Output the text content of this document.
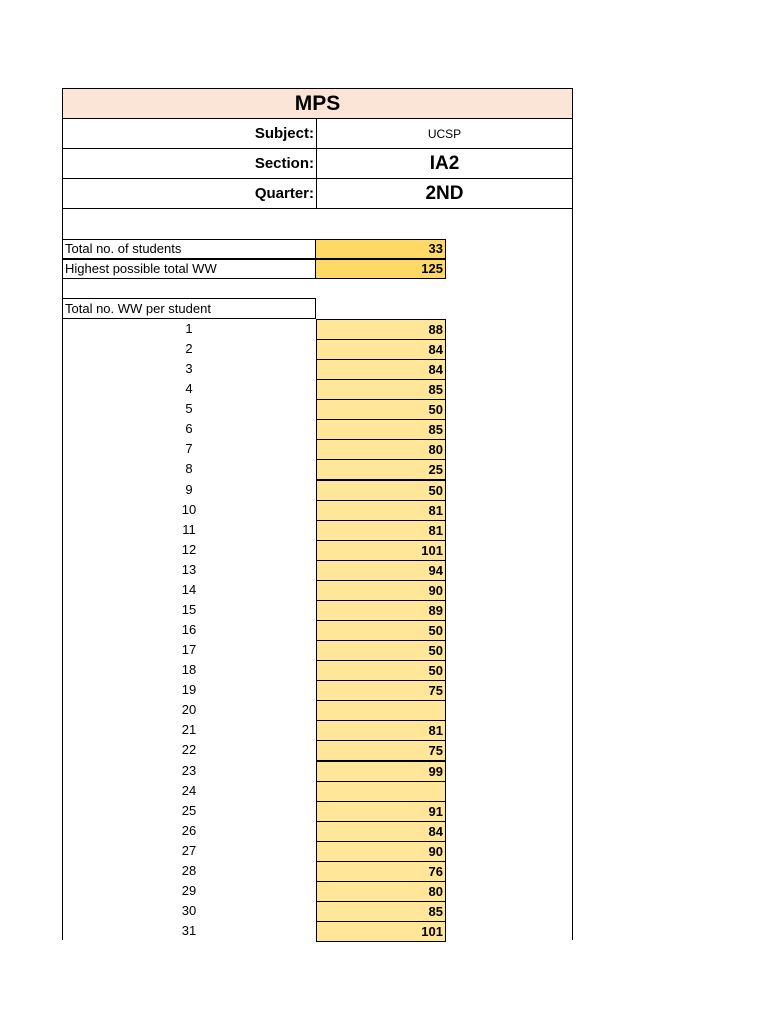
MPS
Subject:	UCSP
Section:	IA2
Quarter:	2ND
Total no. of students	33
Highest possible total WW	125
Total no. WW per student
1	88
2	84
3	84
4	85
5	50
6	85
7	80
8	25
9	50
10	81
11	81
12	101
13	94
14	90
15	89
16	50
17	50
18	50
19	75
20
21	81
22	75
23	99
24
25	91
26	84
27	90
28	76
29	80
30	85
31	101
